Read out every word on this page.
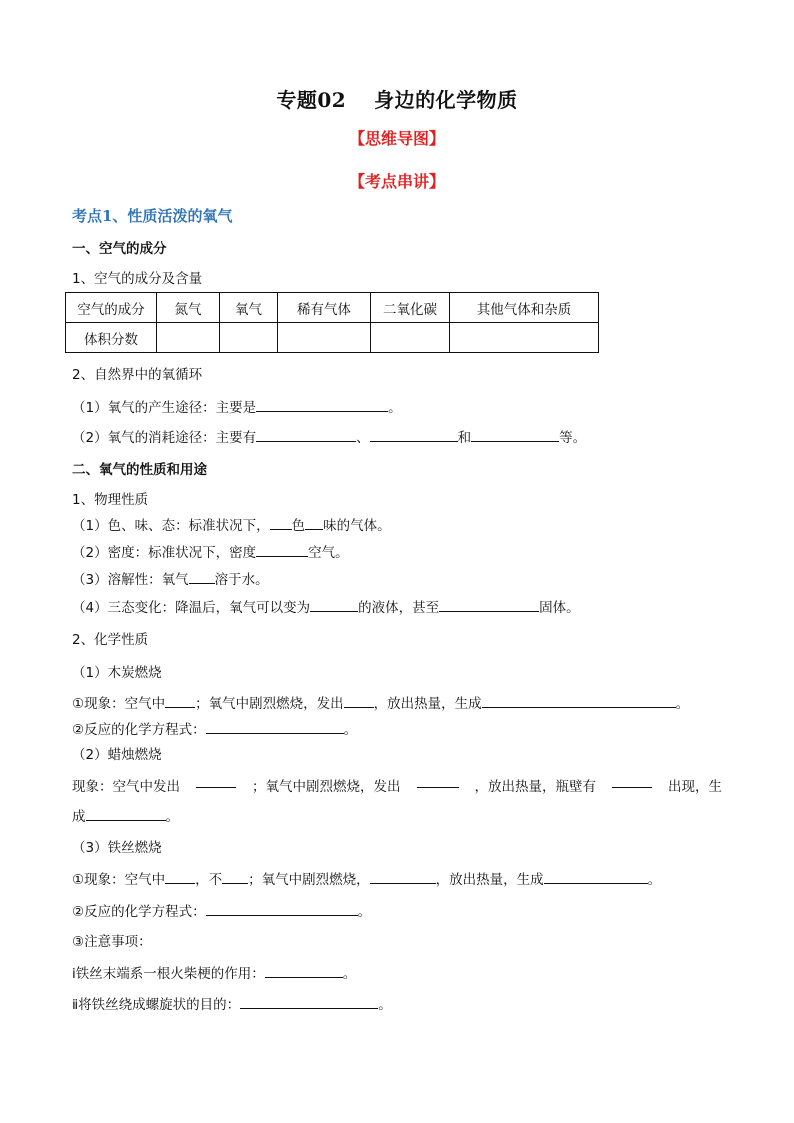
专题02 身边的化学物质
【思维导图】
【考点串讲】
考点1、性质活泼的氧气
一、空气的成分
1、空气的成分及含量
空气的成分	氮气	氧气	稀有气体	二氧化碳	其他气体和杂质
体积分数					
2、自然界中的氧循环
（1）氧气的产生途径：主要是	。
（2）氧气的消耗途径：主要有	、	和	等。
二、氧气的性质和用途
1、物理性质
（1）色、味、态：标准状况下， 色 味的气体。
（2）密度：标准状况下，密度	空气。
（3）溶解性：氧气 溶于水。
（4）三态变化：降温后，氧气可以变为	的液体，甚至	固体。
2、化学性质
（1）木炭燃烧
①现象：空气中 ；氧气中剧烈燃烧，发出 ，放出热量，生成	。
②反应的化学方程式：	。
（2）蜡烛燃烧
现象：空气中发出	；氧气中剧烈燃烧，发出	，放出热量，瓶壁有	出现，生
成	。
（3）铁丝燃烧
①现象：空气中 ，不 ；氧气中剧烈燃烧，	，放出热量，生成	。
②反应的化学方程式：	。
③注意事项：
ⅰ铁丝末端系一根火柴梗的作用：	。
ⅱ将铁丝绕成螺旋状的目的：	。
